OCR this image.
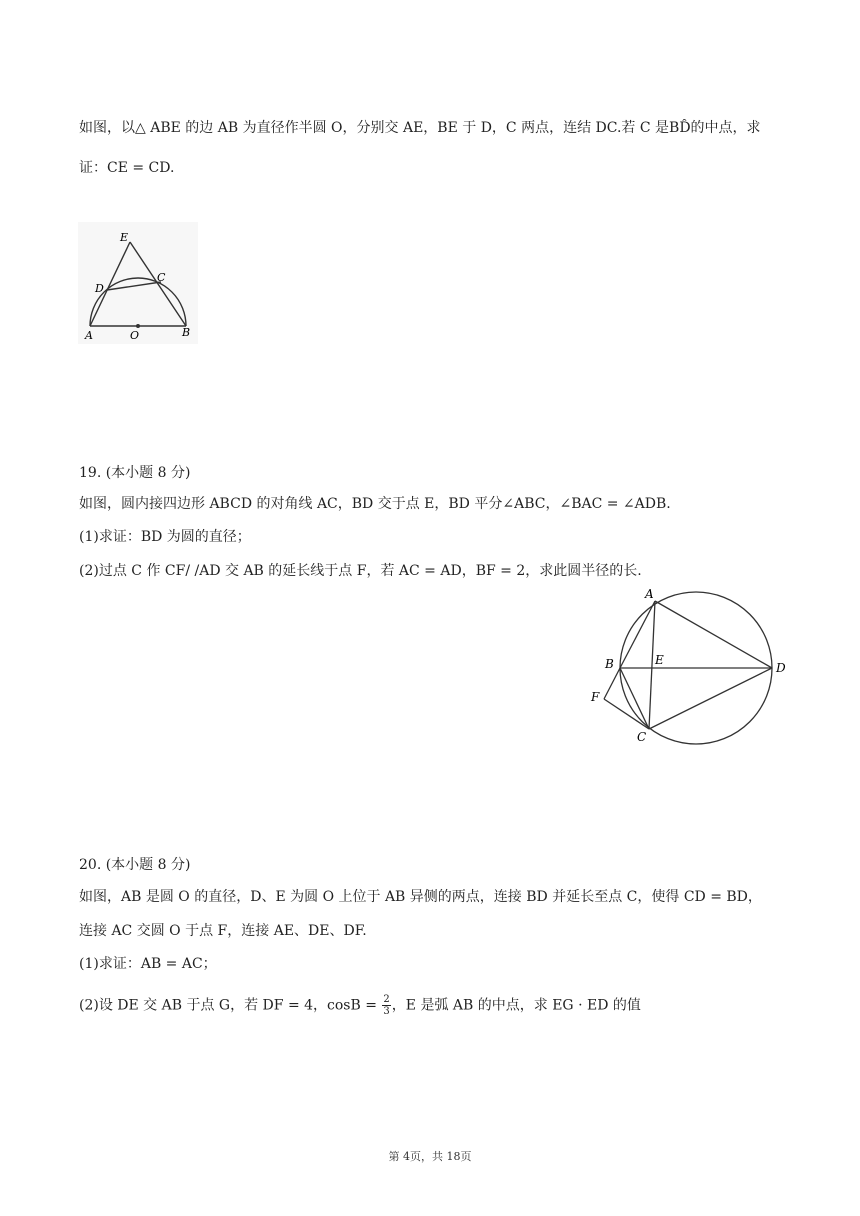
如图，以△ ABE 的边 AB 为直径作半圆 O，分别交 AE，BE 于 D，C 两点，连结 DC.若 C 是BD̂的中点，求
证：CE = CD.
E
D
C
A	O	B
19. (本小题 8 分)
如图，圆内接四边形 ABCD 的对角线 AC，BD 交于点 E，BD 平分∠ABC，∠BAC = ∠ADB.
(1)求证：BD 为圆的直径；
(2)过点 C 作 CF/ /AD 交 AB 的延长线于点 F，若 AC = AD，BF = 2，求此圆半径的长.
A
B	E
D
F
C
20. (本小题 8 分)
如图，AB 是圆 O 的直径，D、E 为圆 O 上位于 AB 异侧的两点，连接 BD 并延长至点 C，使得 CD = BD，
连接 AC 交圆 O 于点 F，连接 AE、DE、DF.
(1)求证：AB = AC；
(2)设 DE 交 AB 于点 G，若 DF = 4，$\cos B = \frac{2}{3}$ ，E 是弧 AB 的中点，求 EG · ED 的值
第 4页，共 18页
